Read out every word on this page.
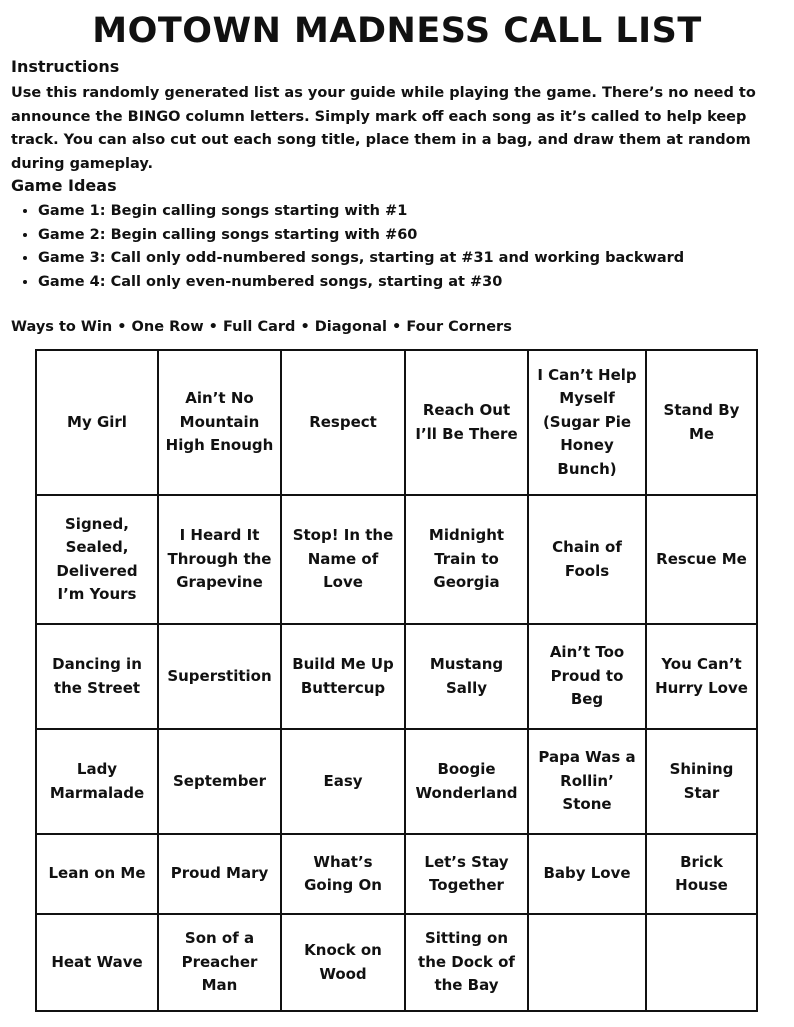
MOTOWN MADNESS CALL LIST
Instructions
Use this randomly generated list as your guide while playing the game. There’s no need to announce the BINGO column letters. Simply mark off each song as it’s called to help keep track. You can also cut out each song title, place them in a bag, and draw them at random during gameplay.
Game Ideas
• Game 1: Begin calling songs starting with #1
• Game 2: Begin calling songs starting with #60
• Game 3: Call only odd-numbered songs, starting at #31 and working backward
• Game 4: Call only even-numbered songs, starting at #30
Ways to Win • One Row • Full Card • Diagonal • Four Corners
My Girl	Ain’t No Mountain High Enough	Respect	Reach Out I’ll Be There	I Can’t Help Myself (Sugar Pie Honey Bunch)	Stand By Me
Signed, Sealed, Delivered I’m Yours	I Heard It Through the Grapevine	Stop! In the Name of Love	Midnight Train to Georgia	Chain of Fools	Rescue Me
Dancing in the Street	Superstition	Build Me Up Buttercup	Mustang Sally	Ain’t Too Proud to Beg	You Can’t Hurry Love
Lady Marmalade	September	Easy	Boogie Wonderland	Papa Was a Rollin’ Stone	Shining Star
Lean on Me	Proud Mary	What’s Going On	Let’s Stay Together	Baby Love	Brick House
Heat Wave	Son of a Preacher Man	Knock on Wood	Sitting on the Dock of the Bay		
